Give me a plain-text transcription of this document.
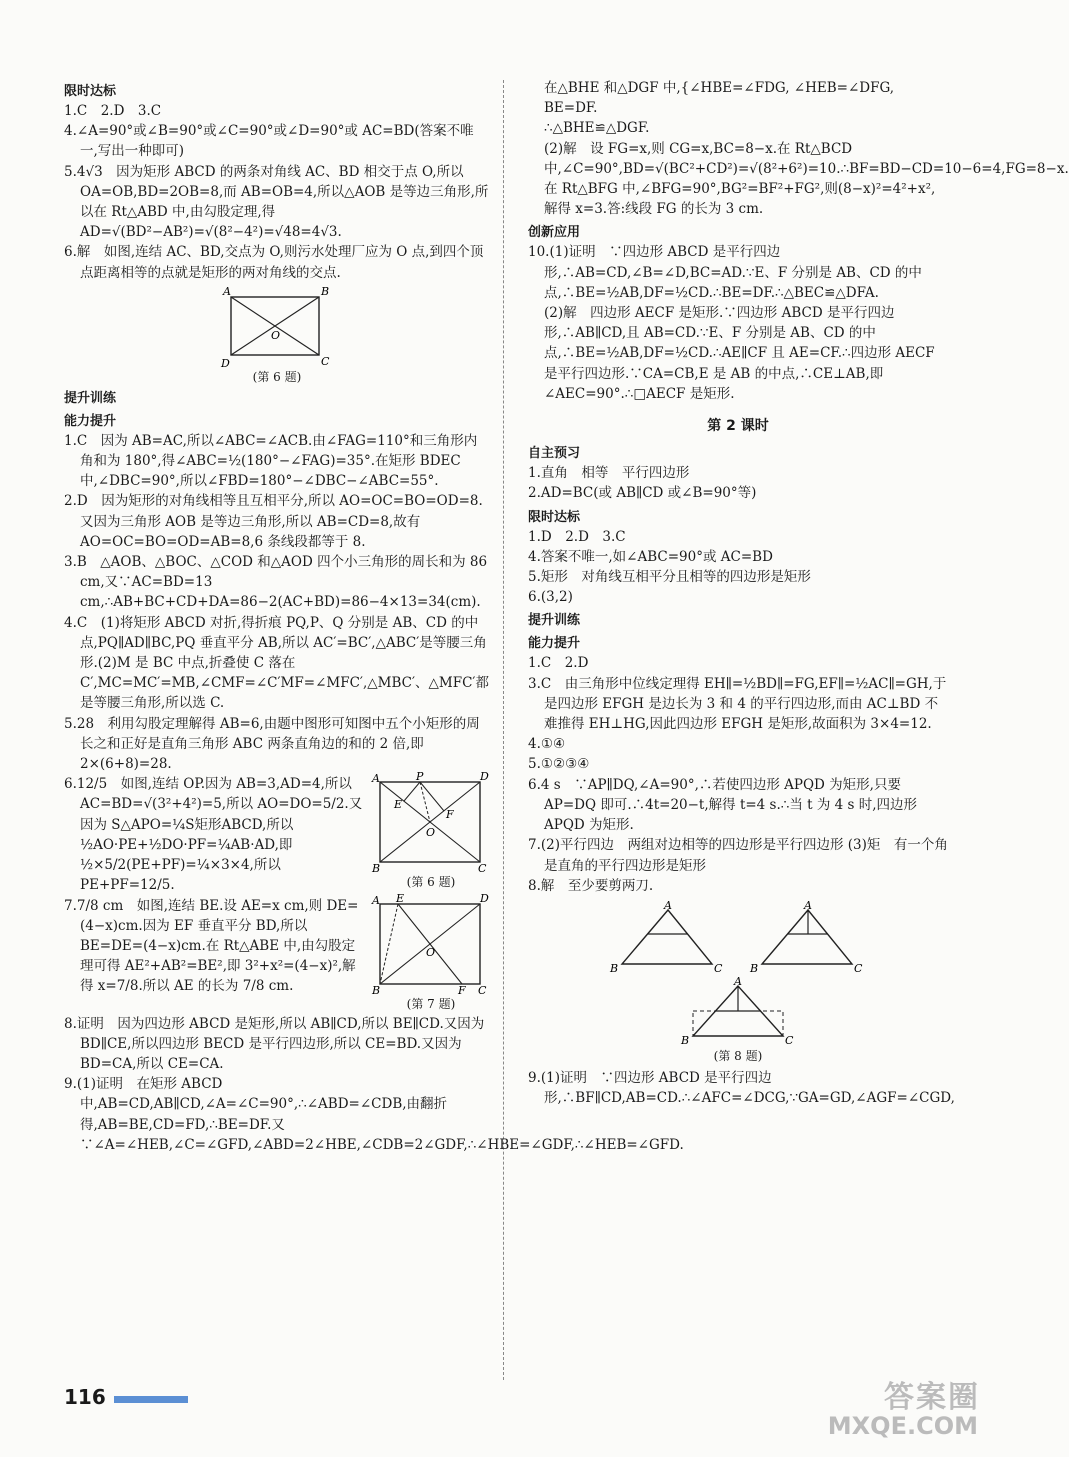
限时达标

1.C　2.D　3.C

4.∠A=90°或∠B=90°或∠C=90°或∠D=90°或 AC=BD(答案不唯一,写出一种即可)

5.4√3　因为矩形 ABCD 的两条对角线 AC、BD 相交于点 O,所以 OA=OB,BD=2OB=8,而 AB=OB=4,所以△AOB 是等边三角形,所以在 Rt△ABD 中,由勾股定理,得 AD=√(BD²−AB²)=√(8²−4²)=√48=4√3.

6.解　如图,连结 AC、BD,交点为 O,则污水处理厂应为 O 点,到四个顶点距离相等的点就是矩形的两对角线的交点.

A	B
C
D
O
(第 6 题)
提升训练
能力提升

1.C　因为 AB=AC,所以∠ABC=∠ACB.由∠FAG=110°和三角形内角和为 180°,得∠ABC=½(180°−∠FAG)=35°.在矩形 BDEC 中,∠DBC=90°,所以∠FBD=180°−∠DBC−∠ABC=55°.

2.D　因为矩形的对角线相等且互相平分,所以 AO=OC=BO=OD=8.又因为三角形 AOB 是等边三角形,所以 AB=CD=8,故有 AO=OC=BO=OD=AB=8,6 条线段都等于 8.

3.B　△AOB、△BOC、△COD 和△AOD 四个小三角形的周长和为 86 cm,又∵AC=BD=13 cm,∴AB+BC+CD+DA=86−2(AC+BD)=86−4×13=34(cm).

4.C　(1)将矩形 ABCD 对折,得折痕 PQ,P、Q 分别是 AB、CD 的中点,PQ∥AD∥BC,PQ 垂直平分 AB,所以 AC′=BC′,△ABC′是等腰三角形.(2)M 是 BC 中点,折叠使 C 落在 C′,MC=MC′=MB,∠CMF=∠C′MF=∠MFC′,△MBC′、△MFC′都是等腰三角形,所以选 C.

5.28　利用勾股定理解得 AB=6,由题中图形可知图中五个小矩形的周长之和正好是直角三角形 ABC 两条直角边的和的 2 倍,即 2×(6+8)=28.

A	P	D
E
F
O
B	C
(第 6 题)

6.12/5　如图,连结 OP.因为 AB=3,AD=4,所以 AC=BD=√(3²+4²)=5,所以 AO=DO=5/2.又因为 S△APO=¼S矩形ABCD,所以½AO·PE+½DO·PF=¼AB·AD,即½×5/2(PE+PF)=¼×3×4,所以 PE+PF=12/5.

A E	D
O
B	F C
(第 7 题)

7.7/8 cm　如图,连结 BE.设 AE=x cm,则 DE=(4−x)cm.因为 EF 垂直平分 BD,所以 BE=DE=(4−x)cm.在 Rt△ABE 中,由勾股定理可得 AE²+AB²=BE²,即 3²+x²=(4−x)²,解得 x=7/8.所以 AE 的长为 7/8 cm.

8.证明　因为四边形 ABCD 是矩形,所以 AB∥CD,所以 BE∥CD.又因为 BD∥CE,所以四边形 BECD 是平行四边形,所以 CE=BD.又因为 BD=CA,所以 CE=CA.

9.(1)证明　在矩形 ABCD 中,AB=CD,AB∥CD,∠A=∠C=90°,∴∠ABD=∠CDB,由翻折得,AB=BE,CD=FD,∴BE=DF.又∵∠A=∠HEB,∠C=∠GFD,∠ABD=2∠HBE,∠CDB=2∠GDF,∴∠HBE=∠GDF,∴∠HEB=∠GFD.

在△BHE 和△DGF 中,{∠HBE=∠FDG, ∠HEB=∠DFG, BE=DF.

∴△BHE≌△DGF.

(2)解　设 FG=x,则 CG=x,BC=8−x.在 Rt△BCD 中,∠C=90°,BD=√(BC²+CD²)=√(8²+6²)=10.∴BF=BD−CD=10−6=4,FG=8−x.在 Rt△BFG 中,∠BFG=90°,BG²=BF²+FG²,则(8−x)²=4²+x²,解得 x=3.答:线段 FG 的长为 3 cm.

创新应用

10.(1)证明　∵四边形 ABCD 是平行四边形,∴AB=CD,∠B=∠D,BC=AD.∵E、F 分别是 AB、CD 的中点,∴BE=½AB,DF=½CD.∴BE=DF.∴△BEC≌△DFA.

(2)解　四边形 AECF 是矩形.∵四边形 ABCD 是平行四边形,∴AB∥CD,且 AB=CD.∵E、F 分别是 AB、CD 的中点,∴BE=½AB,DF=½CD.∴AE∥CF 且 AE=CF.∴四边形 AECF 是平行四边形.∵CA=CB,E 是 AB 的中点,∴CE⊥AB,即∠AEC=90°.∴□AECF 是矩形.

第 2 课时
自主预习

1.直角　相等　平行四边形

2.AD=BC(或 AB∥CD 或∠B=90°等)

限时达标

1.D　2.D　3.C

4.答案不唯一,如∠ABC=90°或 AC=BD

5.矩形　对角线互相平分且相等的四边形是矩形

6.(3,2)

提升训练
能力提升

1.C　2.D

3.C　由三角形中位线定理得 EH∥=½BD∥=FG,EF∥=½AC∥=GH,于是四边形 EFGH 是边长为 3 和 4 的平行四边形,而由 AC⊥BD 不难推得 EH⊥HG,因此四边形 EFGH 是矩形,故面积为 3×4=12.

4.①④

5.①②③④

6.4 s　∵AP∥DQ,∠A=90°,∴若使四边形 APQD 为矩形,只要 AP=DQ 即可.∴4t=20−t,解得 t=4 s.∴当 t 为 4 s 时,四边形 APQD 为矩形.

7.(2)平行四边　两组对边相等的四边形是平行四边形 (3)矩　有一个角是直角的平行四边形是矩形

8.解　至少要剪两刀.

A
B	C
A
B	C
A
B	C
(第 8 题)

9.(1)证明　∵四边形 ABCD 是平行四边形,∴BF∥CD,AB=CD.∴∠AFC=∠DCG,∵GA=GD,∠AGF=∠CGD,

116	答案圈
MXQE.COM
